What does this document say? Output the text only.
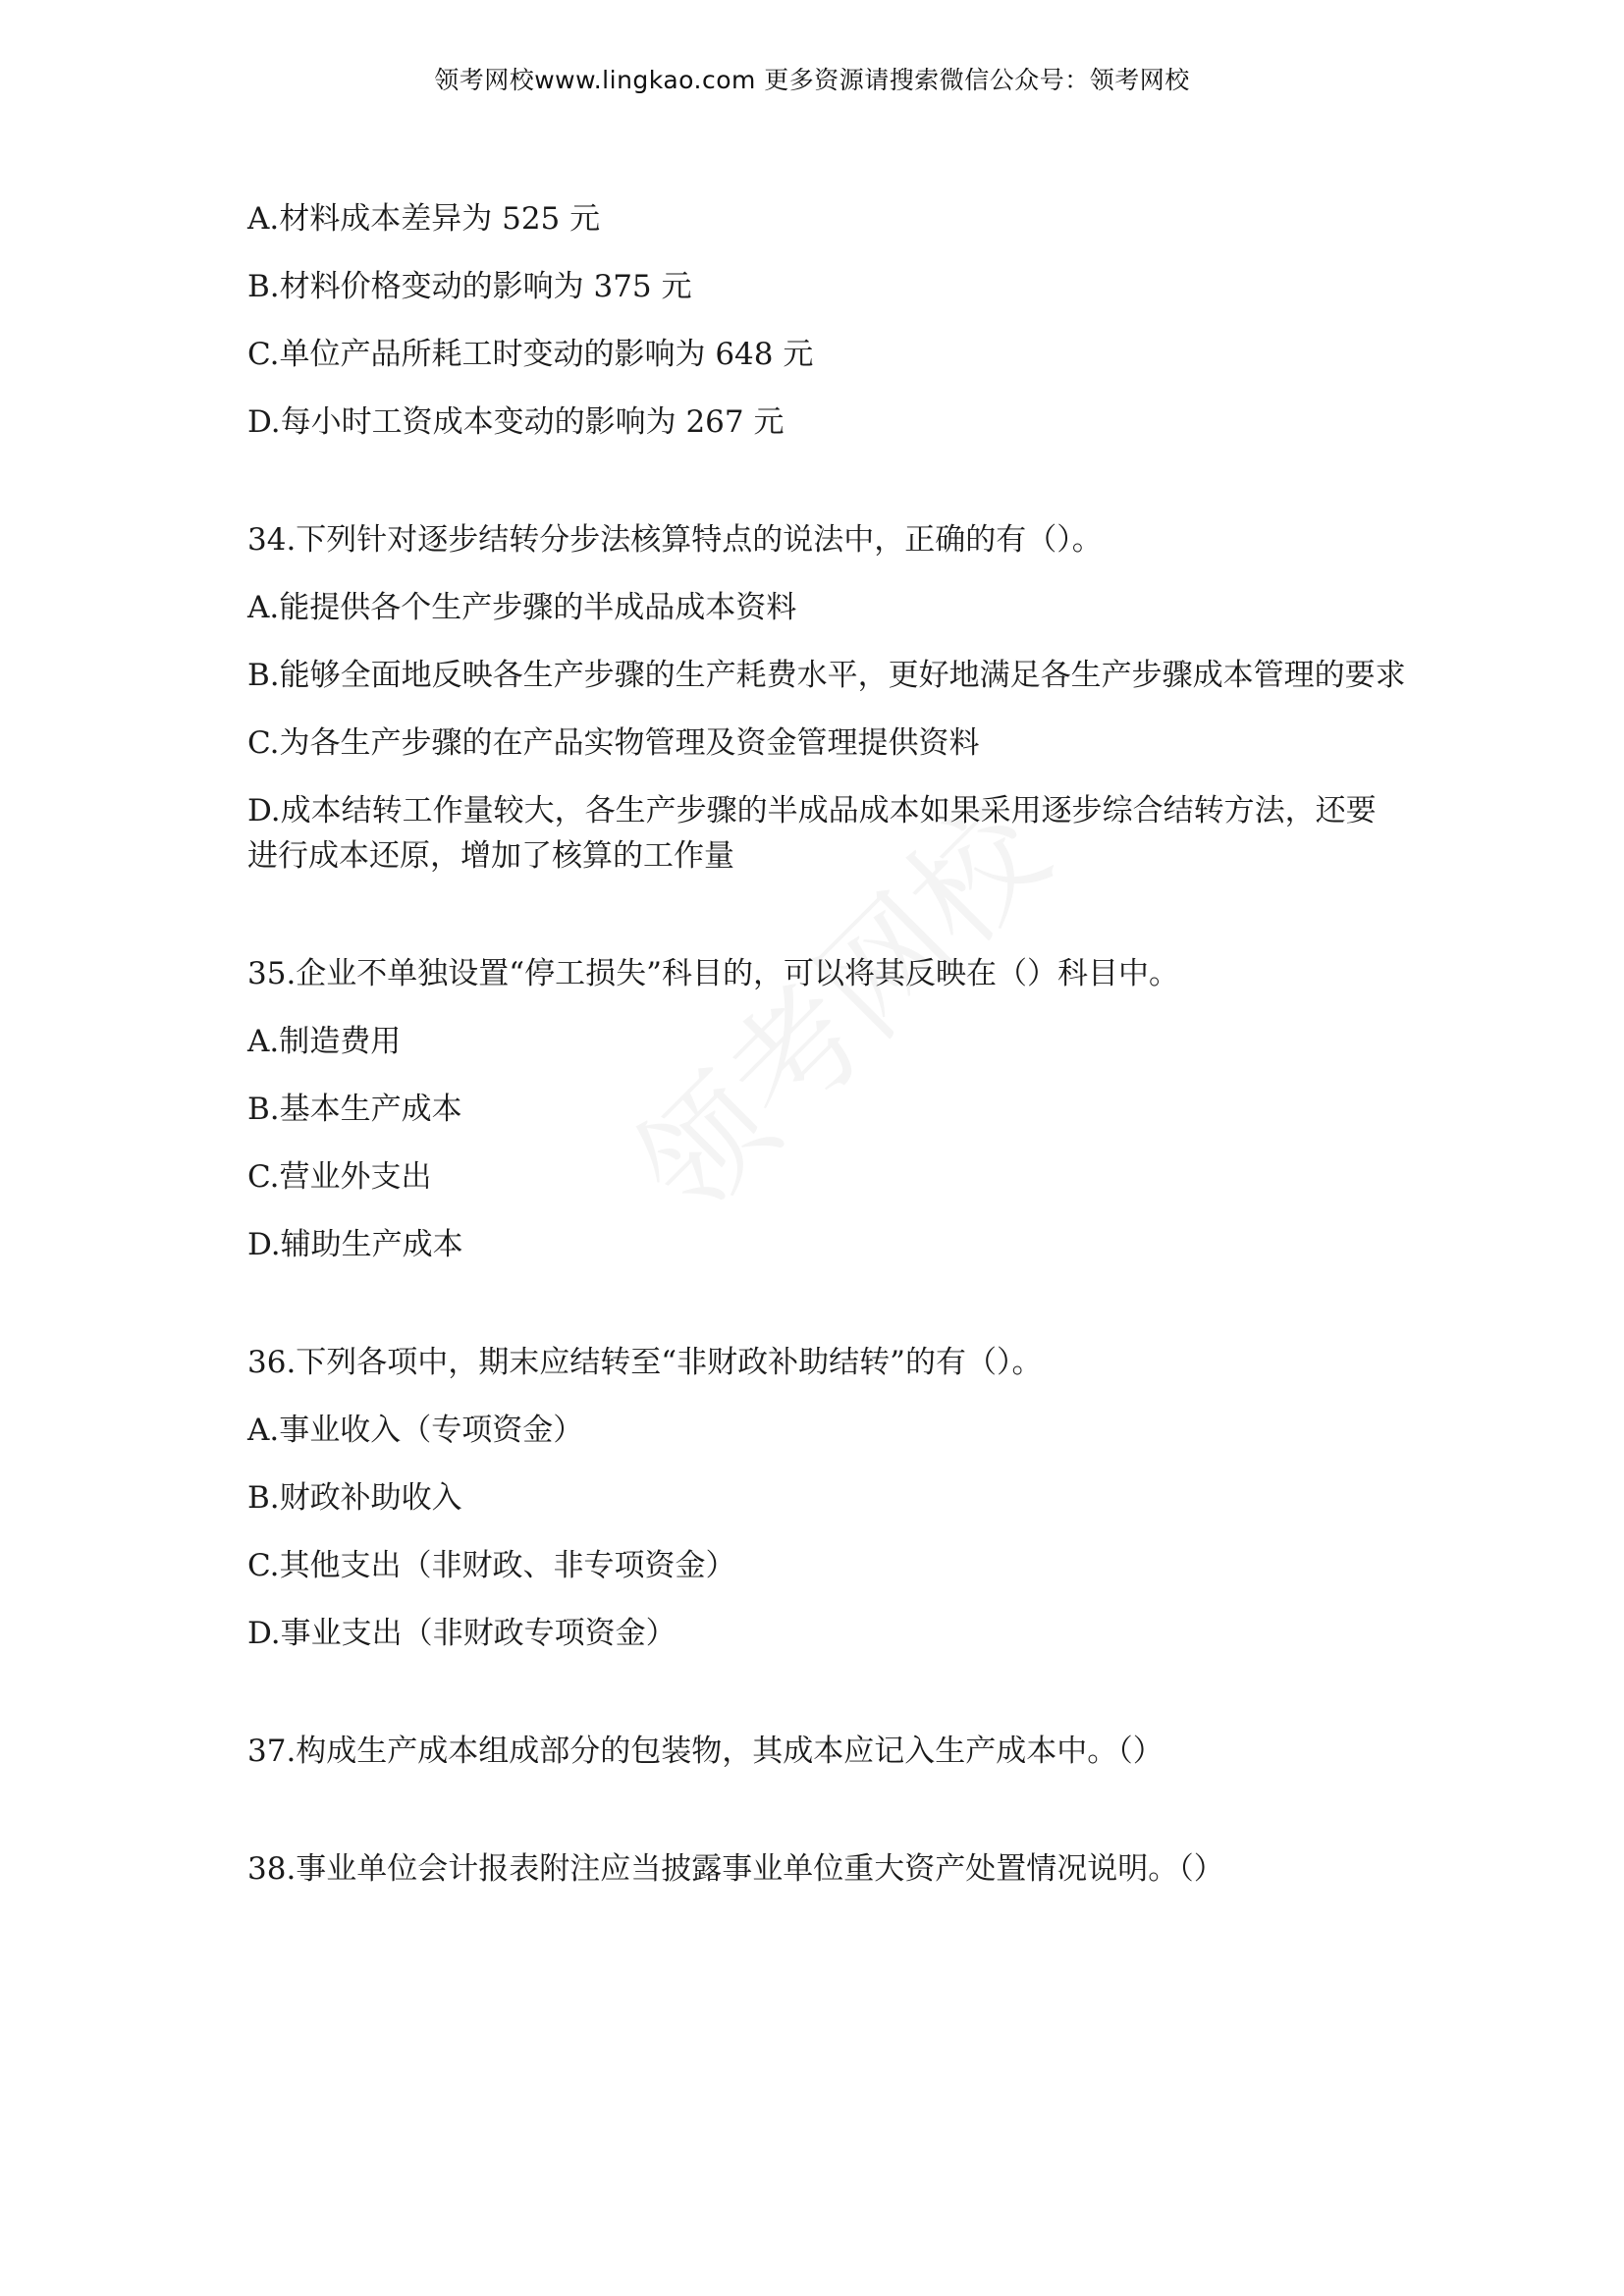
领考网校www.lingkao.com 更多资源请搜索微信公众号：领考网校
A.材料成本差异为 525 元
B.材料价格变动的影响为 375 元
C.单位产品所耗工时变动的影响为 648 元
D.每小时工资成本变动的影响为 267 元
34.下列针对逐步结转分步法核算特点的说法中，正确的有（）。
A.能提供各个生产步骤的半成品成本资料
B.能够全面地反映各生产步骤的生产耗费水平，更好地满足各生产步骤成本管理的要求
C.为各生产步骤的在产品实物管理及资金管理提供资料
D.成本结转工作量较大，各生产步骤的半成品成本如果采用逐步综合结转方法，还要进行成本还原，增加了核算的工作量
35.企业不单独设置“停工损失”科目的，可以将其反映在（）科目中。
A.制造费用
B.基本生产成本
C.营业外支出
D.辅助生产成本
36.下列各项中，期末应结转至“非财政补助结转”的有（）。
A.事业收入（专项资金）
B.财政补助收入
C.其他支出（非财政、非专项资金）
D.事业支出（非财政专项资金）
37.构成生产成本组成部分的包装物，其成本应记入生产成本中。（）
38.事业单位会计报表附注应当披露事业单位重大资产处置情况说明。（）
